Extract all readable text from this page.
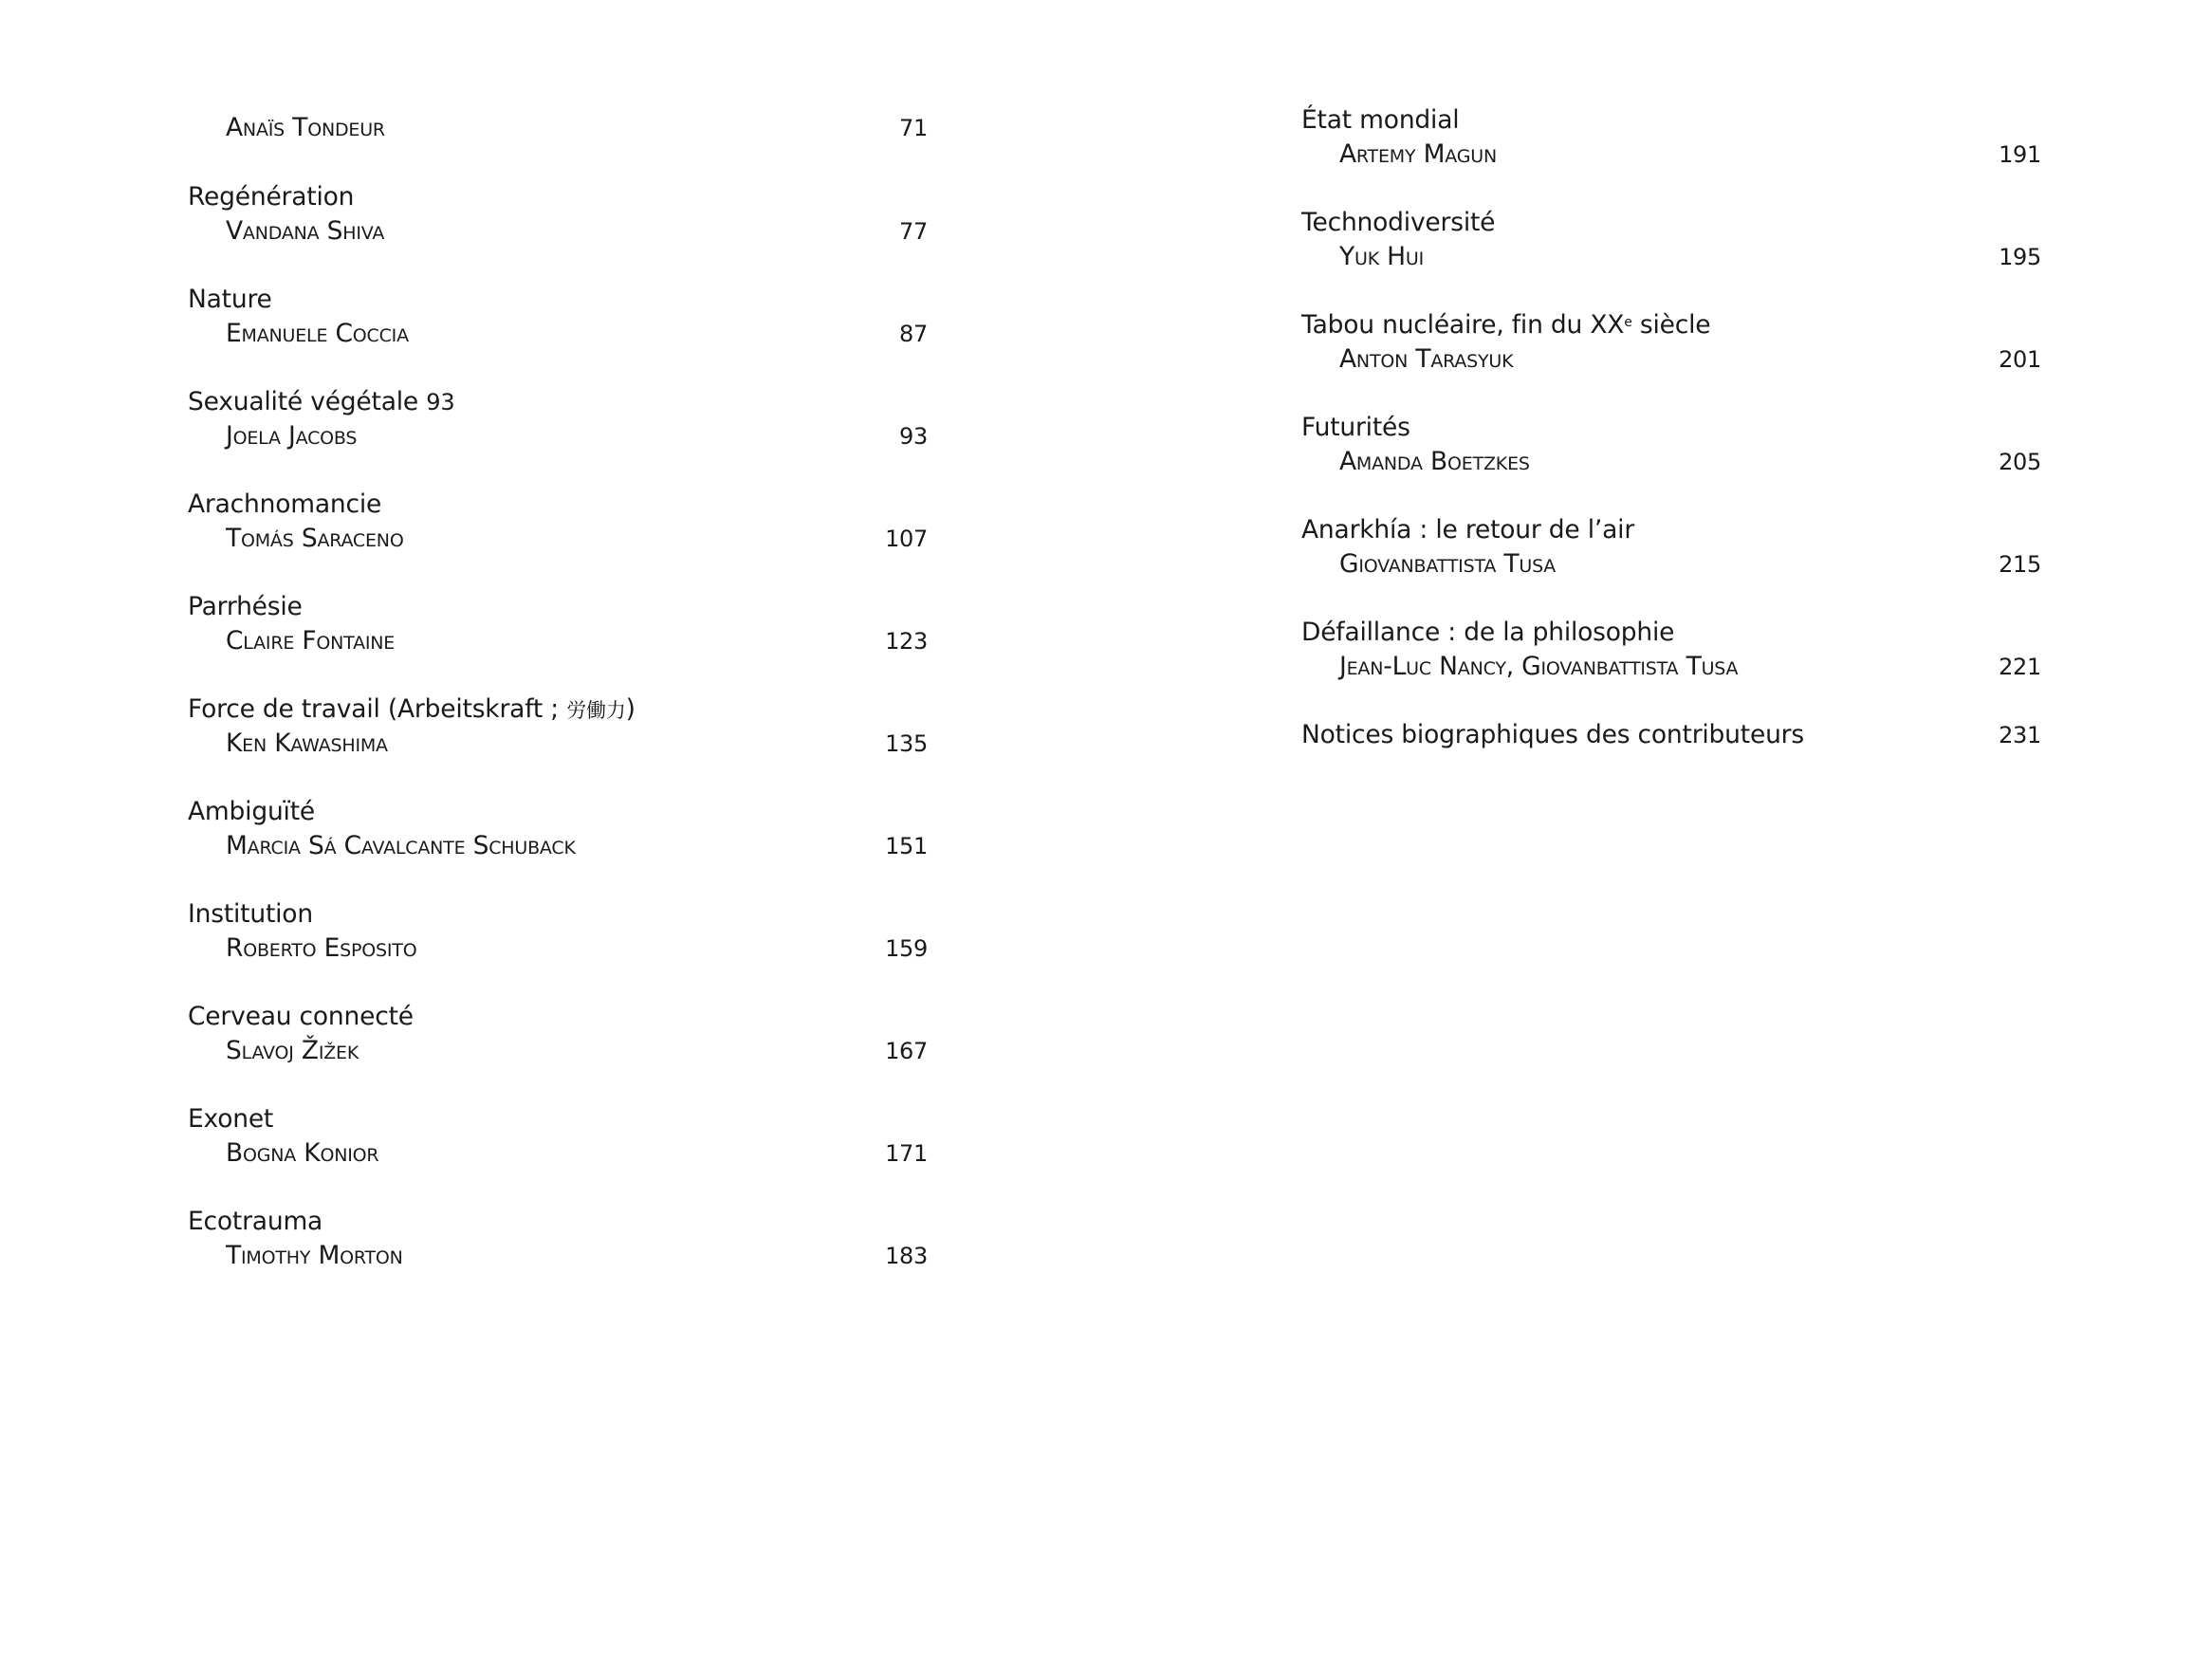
Anaïs Tondeur	71
Regénération
Vandana Shiva	77
Nature
Emanuele Coccia	87
Sexualité végétale 93
Joela Jacobs	93
Arachnomancie
Tomás Saraceno	107
Parrhésie
Claire Fontaine	123
Force de travail (Arbeitskraft ; 労働力)
Ken Kawashima	135
Ambiguïté
Marcia Sá Cavalcante Schuback	151
Institution
Roberto Esposito	159
Cerveau connecté
Slavoj Žižek	167
Exonet
Bogna Konior	171
Ecotrauma
Timothy Morton	183
État mondial
Artemy Magun	191
Technodiversité
Yuk Hui	195
Tabou nucléaire, fin du XXe siècle
Anton Tarasyuk	201
Futurités
Amanda Boetzkes	205
Anarkhía : le retour de l’air
Giovanbattista Tusa	215
Défaillance : de la philosophie
Jean-Luc Nancy, Giovanbattista Tusa	221
Notices biographiques des contributeurs	231
